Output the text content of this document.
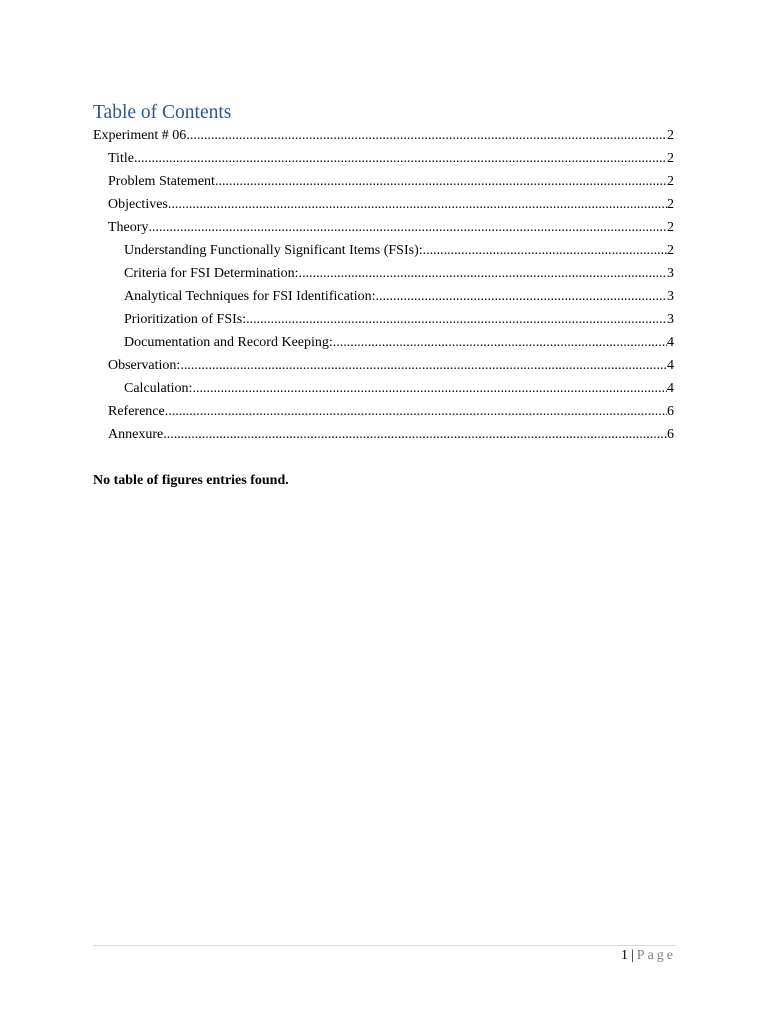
Table of Contents
Experiment # 06 .....	2
Title .....	2
Problem Statement .....	2
Objectives .....	2
Theory .....	2
Understanding Functionally Significant Items (FSIs): .....	2
Criteria for FSI Determination: .....	3
Analytical Techniques for FSI Identification: .....	3
Prioritization of FSIs: .....	3
Documentation and Record Keeping: .....	4
Observation: .....	4
Calculation: .....	4
Reference .....	6
Annexure .....	6
No table of figures entries found.
1 | Page
